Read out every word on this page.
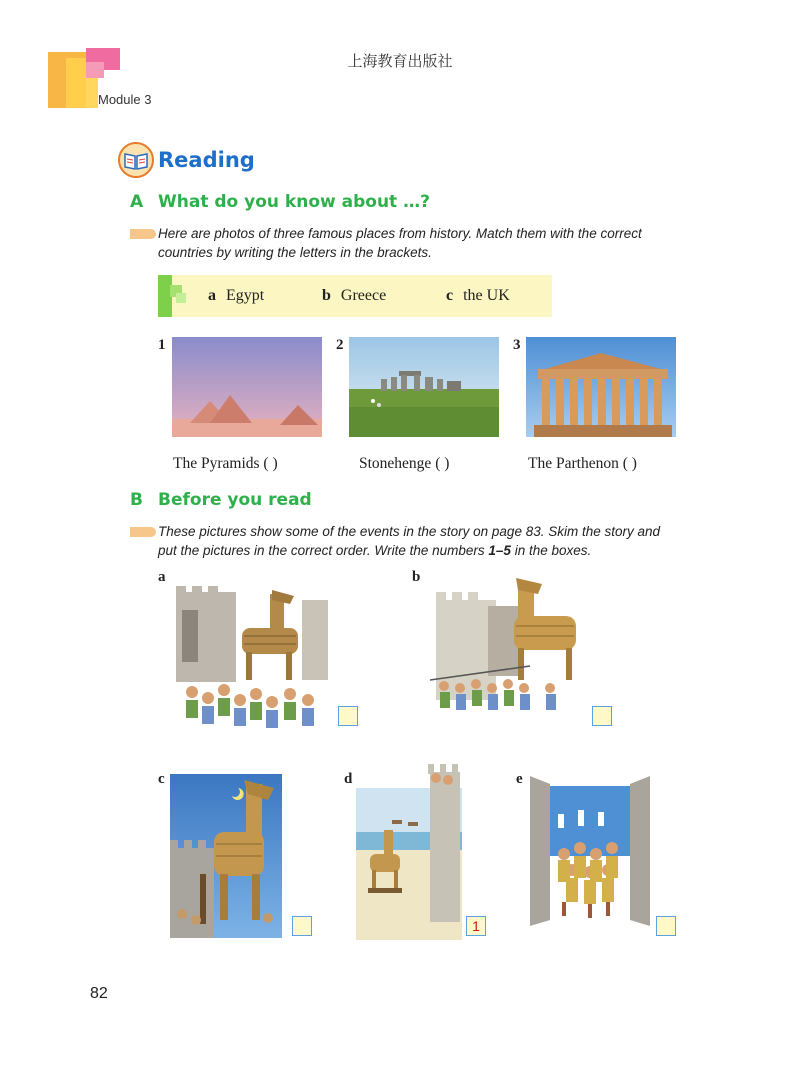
上海教育出版社
Module 3
Reading
A What do you know about …?
Here are photos of three famous places from history. Match them with the correct
countries by writing the letters in the brackets.
a Egypt	b Greece	c the UK
1	2	3
The Pyramids ( )	Stonehenge ( )	The Parthenon ( )
B Before you read
These pictures show some of the events in the story on page 83. Skim the story and
put the pictures in the correct order. Write the numbers 1–5 in the boxes.
a	b
c	d
1
e
82
